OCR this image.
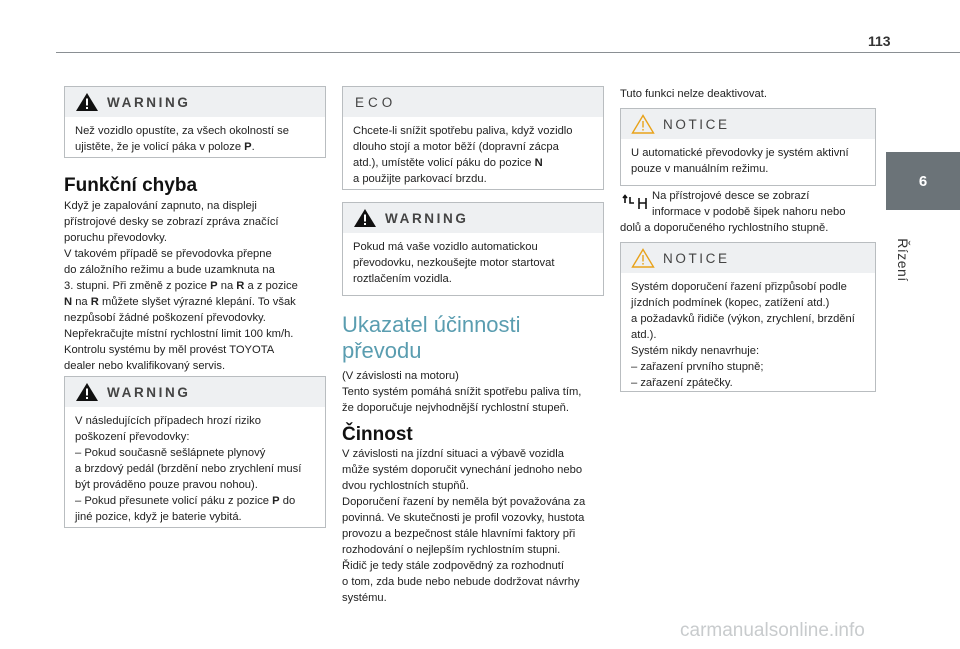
113
6
Řízení
WARNING
Než vozidlo opustíte, za všech okolností se
ujistěte, že je volicí páka v poloze P.
Funkční chyba
Když je zapalování zapnuto, na displeji
přístrojové desky se zobrazí zpráva značící
poruchu převodovky.
V takovém případě se převodovka přepne
do záložního režimu a bude uzamknuta na
3. stupni. Při změně z pozice P na R a z pozice
N na R můžete slyšet výrazné klepání. To však
nezpůsobí žádné poškození převodovky.
Nepřekračujte místní rychlostní limit 100 km/h.
Kontrolu systému by měl provést TOYOTA
dealer nebo kvalifikovaný servis.
WARNING
V následujících případech hrozí riziko
poškození převodovky:
– Pokud současně sešlápnete plynový
a brzdový pedál (brzdění nebo zrychlení musí
být prováděno pouze pravou nohou).
– Pokud přesunete volicí páku z pozice P do
jiné pozice, když je baterie vybitá.
ECO
Chcete-li snížit spotřebu paliva, když vozidlo
dlouho stojí a motor běží (dopravní zácpa
atd.), umístěte volicí páku do pozice N
a použijte parkovací brzdu.
WARNING
Pokud má vaše vozidlo automatickou
převodovku, nezkoušejte motor startovat
roztlačením vozidla.
Ukazatel účinnosti
převodu
(V závislosti na motoru)
Tento systém pomáhá snížit spotřebu paliva tím,
že doporučuje nejvhodnější rychlostní stupeň.
Činnost
V závislosti na jízdní situaci a výbavě vozidla
může systém doporučit vynechání jednoho nebo
dvou rychlostních stupňů.
Doporučení řazení by neměla být považována za
povinná. Ve skutečnosti je profil vozovky, hustota
provozu a bezpečnost stále hlavními faktory při
rozhodování o nejlepším rychlostním stupni.
Řidič je tedy stále zodpovědný za rozhodnutí
o tom, zda bude nebo nebude dodržovat návrhy
systému.
Tuto funkci nelze deaktivovat.
NOTICE
U automatické převodovky je systém aktivní
pouze v manuálním režimu.
Na přístrojové desce se zobrazí
informace v podobě šipek nahoru nebo
dolů a doporučeného rychlostního stupně.
NOTICE
Systém doporučení řazení přizpůsobí podle
jízdních podmínek (kopec, zatížení atd.)
a požadavků řidiče (výkon, zrychlení, brzdění
atd.).
Systém nikdy nenavrhuje:
– zařazení prvního stupně;
– zařazení zpátečky.
carmanualsonline.info
